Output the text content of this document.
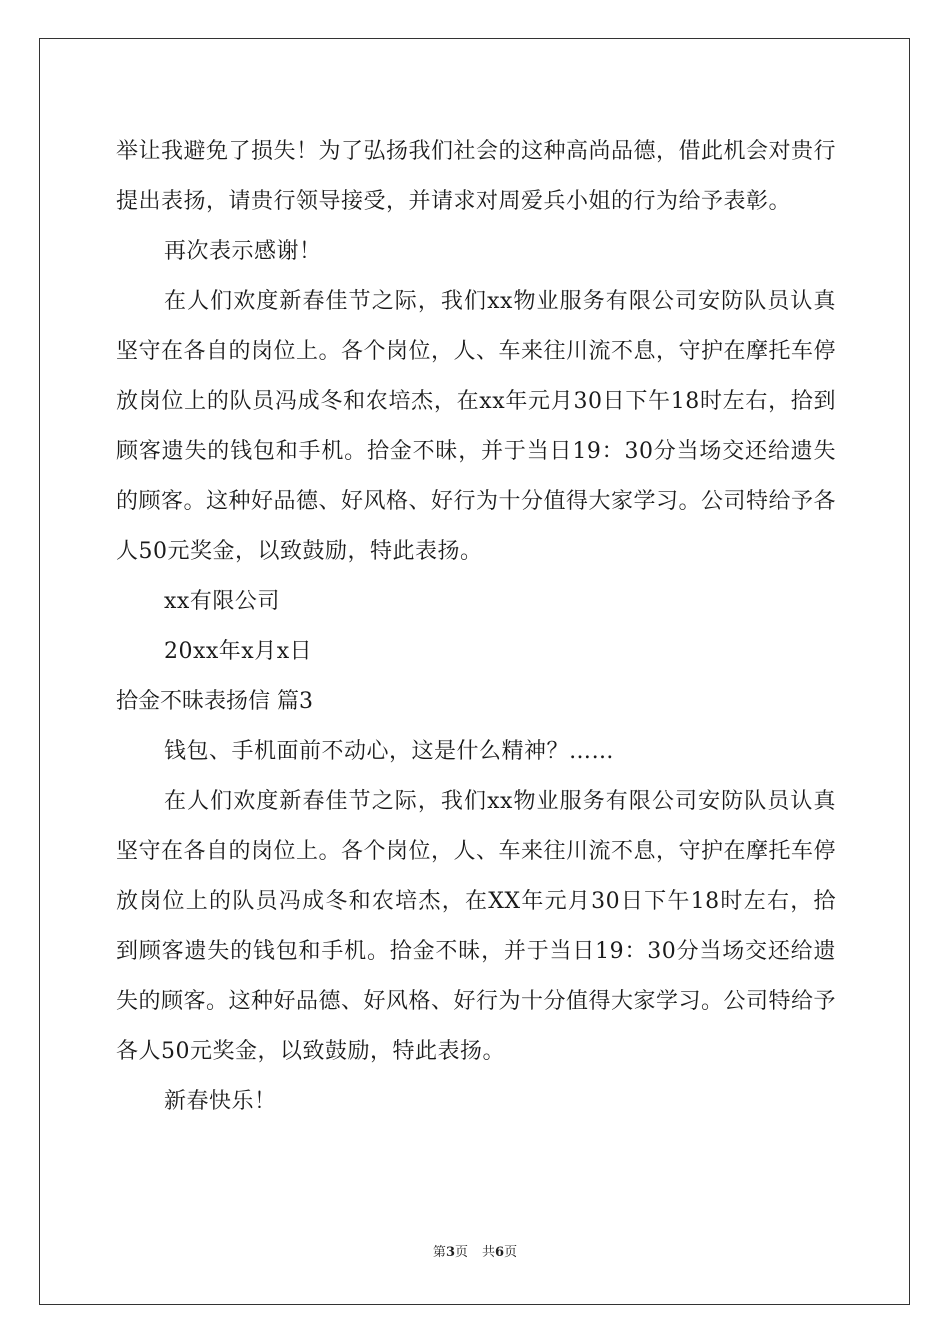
举让我避免了损失！为了弘扬我们社会的这种高尚品德，借此机会对贵行提出表扬，请贵行领导接受，并请求对周爱兵小姐的行为给予表彰。

再次表示感谢！

在人们欢度新春佳节之际，我们xx物业服务有限公司安防队员认真坚守在各自的岗位上。各个岗位，人、车来往川流不息，守护在摩托车停放岗位上的队员冯成冬和农培杰，在xx年元月30日下午18时左右，拾到顾客遗失的钱包和手机。拾金不昧，并于当日19：30分当场交还给遗失的顾客。这种好品德、好风格、好行为十分值得大家学习。公司特给予各人50元奖金，以致鼓励，特此表扬。

xx有限公司

20xx年x月x日

拾金不昧表扬信 篇3

钱包、手机面前不动心，这是什么精神？……

在人们欢度新春佳节之际，我们xx物业服务有限公司安防队员认真坚守在各自的岗位上。各个岗位，人、车来往川流不息，守护在摩托车停放岗位上的队员冯成冬和农培杰，在XX年元月30日下午18时左右，拾到顾客遗失的钱包和手机。拾金不昧，并于当日19：30分当场交还给遗失的顾客。这种好品德、好风格、好行为十分值得大家学习。公司特给予各人50元奖金，以致鼓励，特此表扬。

新春快乐！

第3页 共6页
